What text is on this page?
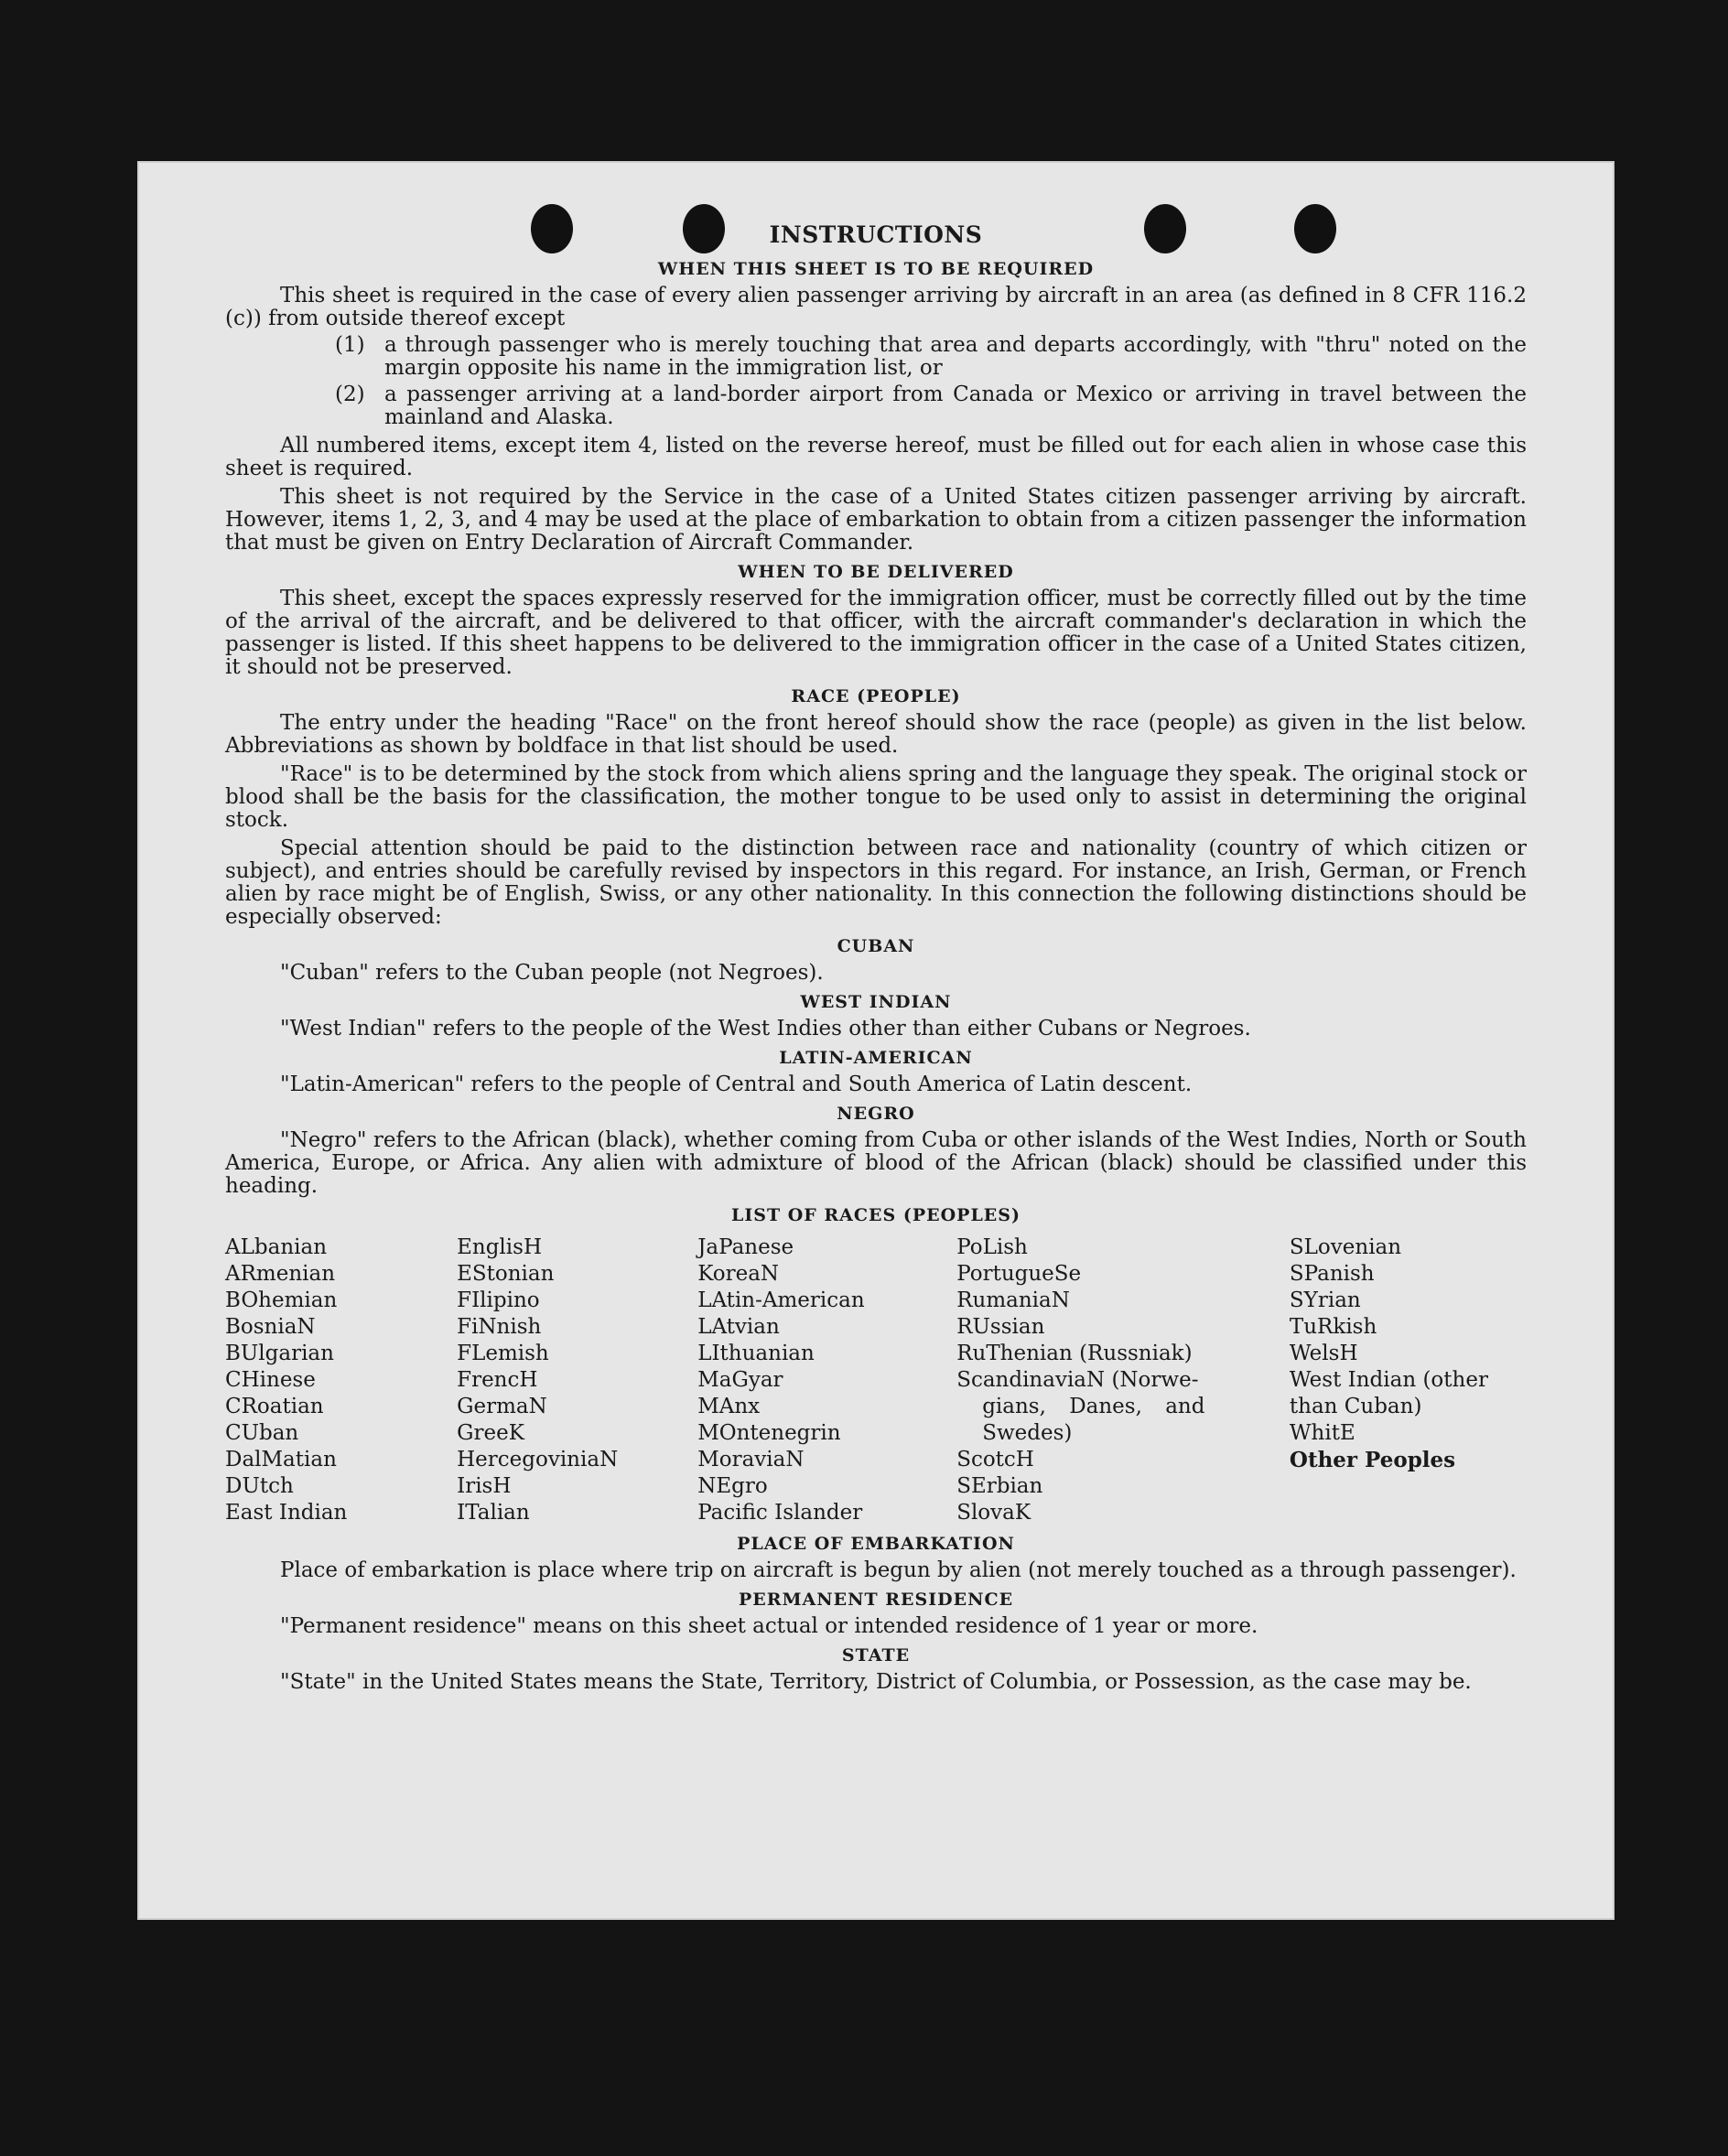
INSTRUCTIONS
WHEN THIS SHEET IS TO BE REQUIRED

This sheet is required in the case of every alien passenger arriving by aircraft in an area (as defined in 8 CFR 116.2 (c)) from outside thereof except

(1) a through passenger who is merely touching that area and departs accordingly, with "thru" noted on the margin opposite his name in the immigration list, or
(2) a passenger arriving at a land-border airport from Canada or Mexico or arriving in travel between the mainland and Alaska.

All numbered items, except item 4, listed on the reverse hereof, must be filled out for each alien in whose case this sheet is required.

This sheet is not required by the Service in the case of a United States citizen passenger arriving by aircraft. However, items 1, 2, 3, and 4 may be used at the place of embarkation to obtain from a citizen passenger the information that must be given on Entry Declaration of Aircraft Commander.

WHEN TO BE DELIVERED

This sheet, except the spaces expressly reserved for the immigration officer, must be correctly filled out by the time of the arrival of the aircraft, and be delivered to that officer, with the aircraft commander's declaration in which the passenger is listed. If this sheet happens to be delivered to the immigration officer in the case of a United States citizen, it should not be preserved.

RACE (PEOPLE)

The entry under the heading "Race" on the front hereof should show the race (people) as given in the list below. Abbreviations as shown by boldface in that list should be used.

"Race" is to be determined by the stock from which aliens spring and the language they speak. The original stock or blood shall be the basis for the classification, the mother tongue to be used only to assist in determining the original stock.

Special attention should be paid to the distinction between race and nationality (country of which citizen or subject), and entries should be carefully revised by inspectors in this regard. For instance, an Irish, German, or French alien by race might be of English, Swiss, or any other nationality. In this connection the following distinctions should be especially observed:

CUBAN

"Cuban" refers to the Cuban people (not Negroes).

WEST INDIAN

"West Indian" refers to the people of the West Indies other than either Cubans or Negroes.

LATIN-AMERICAN

"Latin-American" refers to the people of Central and South America of Latin descent.

NEGRO

"Negro" refers to the African (black), whether coming from Cuba or other islands of the West Indies, North or South America, Europe, or Africa. Any alien with admixture of blood of the African (black) should be classified under this heading.

LIST OF RACES (PEOPLES)
ALbanian
ARmenian
BOhemian
BosniaN
BUlgarian
CHinese
CRoatian
CUban
DalMatian
DUtch
East Indian
EnglisH
EStonian
FIlipino
FiNnish
FLemish
FrencH
GermaN
GreeK
HercegoviniaN
IrisH
ITalian
JaPanese
KoreaN
LAtin-American
LAtvian
LIthuanian
MaGyar
MAnx
MOntenegrin
MoraviaN
NEgro
Pacific Islander
PoLish
PortugueSe
RumaniaN
RUssian
RuThenian (Russniak)
ScandinaviaN (Norwe-
gians, Danes, and
Swedes)
ScotcH
SErbian
SlovaK
SLovenian
SPanish
SYrian
TuRkish
WelsH
West Indian (other
than Cuban)
WhitE
Other Peoples
PLACE OF EMBARKATION

Place of embarkation is place where trip on aircraft is begun by alien (not merely touched as a through passenger).

PERMANENT RESIDENCE

"Permanent residence" means on this sheet actual or intended residence of 1 year or more.

STATE

"State" in the United States means the State, Territory, District of Columbia, or Possession, as the case may be.
